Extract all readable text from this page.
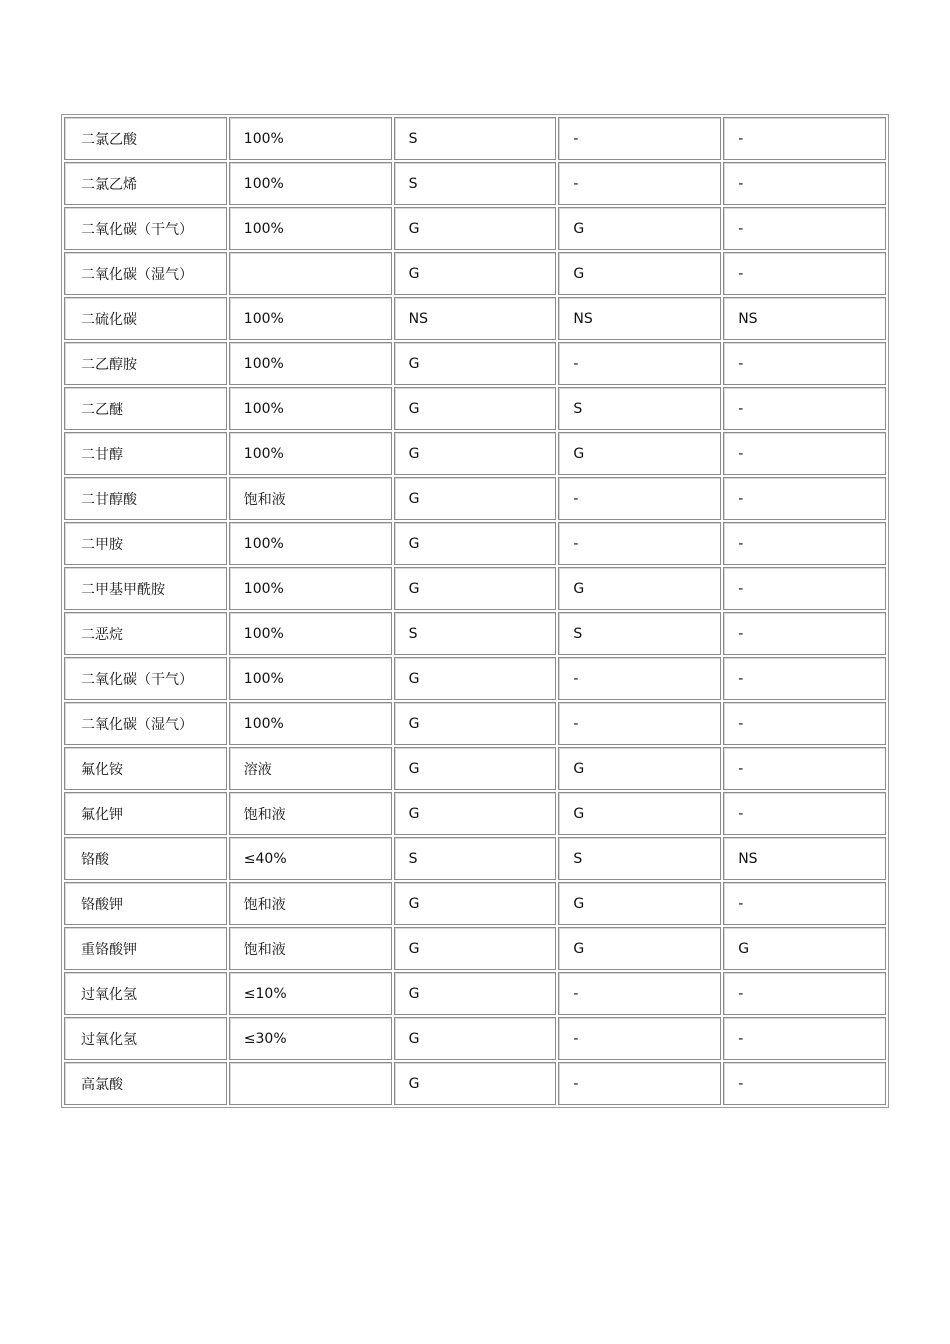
二氯乙酸	100%	S	-	-
二氯乙烯	100%	S	-	-
二氧化碳（干气）	100%	G	G	-
二氧化碳（湿气）		G	G	-
二硫化碳	100%	NS	NS	NS
二乙醇胺	100%	G	-	-
二乙醚	100%	G	S	-
二甘醇	100%	G	G	-
二甘醇酸	饱和液	G	-	-
二甲胺	100%	G	-	-
二甲基甲酰胺	100%	G	G	-
二恶烷	100%	S	S	-
二氧化碳（干气）	100%	G	-	-
二氧化碳（湿气）	100%	G	-	-
氟化铵	溶液	G	G	-
氟化钾	饱和液	G	G	-
铬酸	≤40%	S	S	NS
铬酸钾	饱和液	G	G	-
重铬酸钾	饱和液	G	G	G
过氧化氢	≤10%	G	-	-
过氧化氢	≤30%	G	-	-
高氯酸		G	-	-
